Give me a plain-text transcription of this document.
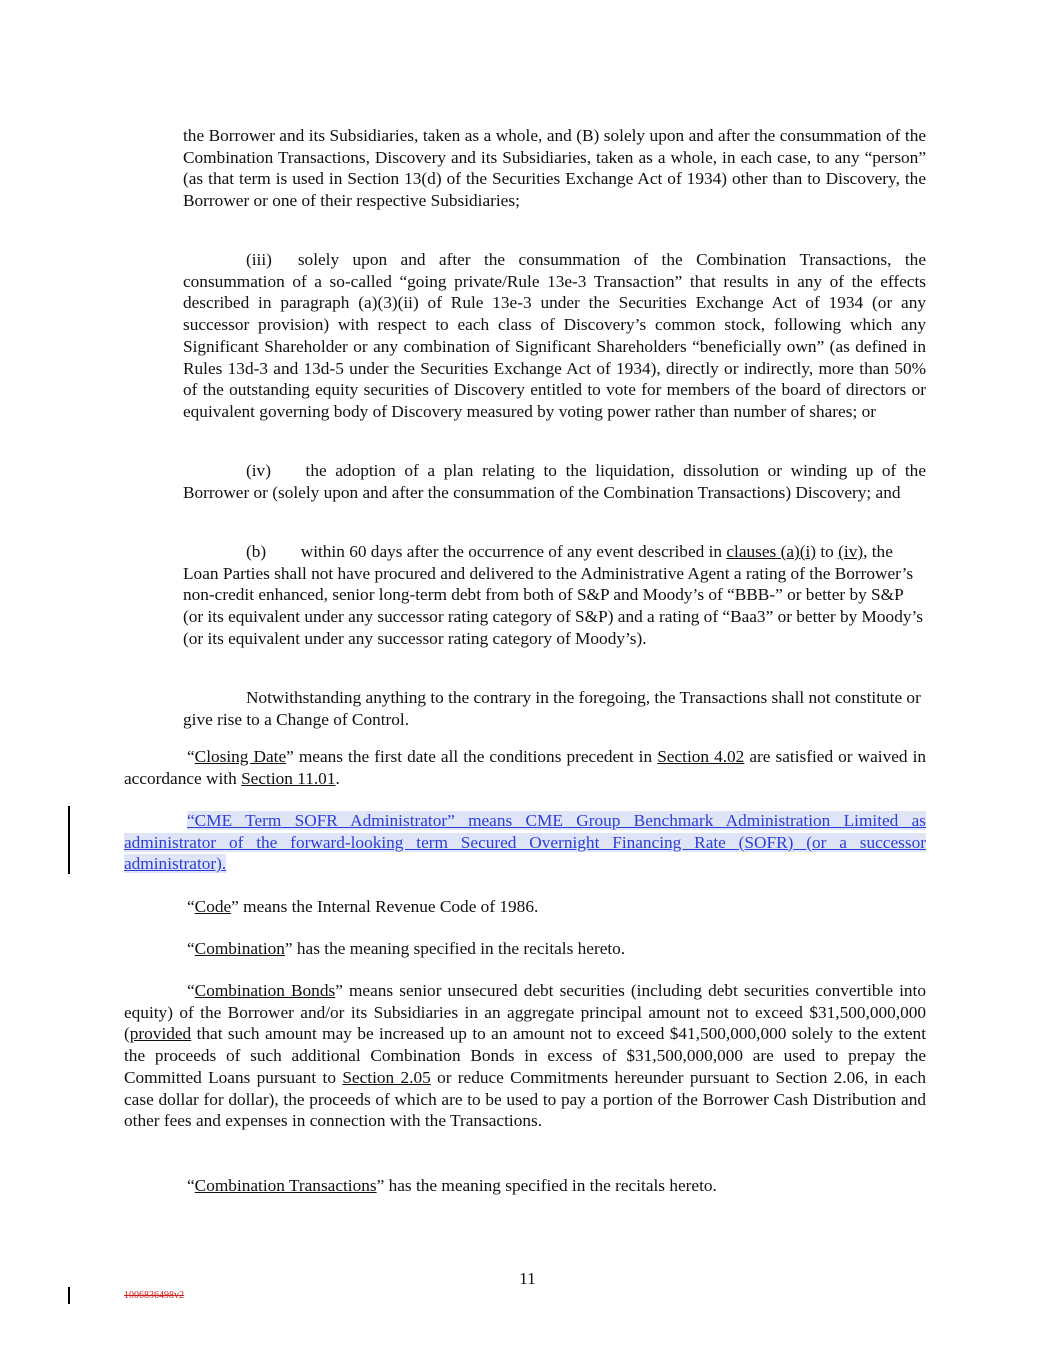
the Borrower and its Subsidiaries, taken as a whole, and (B) solely upon and after the consummation of the Combination Transactions, Discovery and its Subsidiaries, taken as a whole, in each case, to any “person” (as that term is used in Section 13(d) of the Securities Exchange Act of 1934) other than to Discovery, the Borrower or one of their respective Subsidiaries;
(iii)  solely upon and after the consummation of the Combination Transactions, the consummation of a so-called “going private/Rule 13e-3 Transaction” that results in any of the effects described in paragraph (a)(3)(ii) of Rule 13e-3 under the Securities Exchange Act of 1934 (or any successor provision) with respect to each class of Discovery’s common stock, following which any Significant Shareholder or any combination of Significant Shareholders “beneficially own” (as defined in Rules 13d-3 and 13d-5 under the Securities Exchange Act of 1934), directly or indirectly, more than 50% of the outstanding equity securities of Discovery entitled to vote for members of the board of directors or equivalent governing body of Discovery measured by voting power rather than number of shares; or
(iv)  the adoption of a plan relating to the liquidation, dissolution or winding up of the Borrower or (solely upon and after the consummation of the Combination Transactions) Discovery; and
(b)  within 60 days after the occurrence of any event described in clauses (a)(i) to (iv), the Loan Parties shall not have procured and delivered to the Administrative Agent a rating of the Borrower’s non-credit enhanced, senior long-term debt from both of S&P and Moody’s of “BBB-” or better by S&P (or its equivalent under any successor rating category of S&P) and a rating of “Baa3” or better by Moody’s (or its equivalent under any successor rating category of Moody’s).
Notwithstanding anything to the contrary in the foregoing, the Transactions shall not constitute or give rise to a Change of Control.
“Closing Date” means the first date all the conditions precedent in Section 4.02 are satisfied or waived in accordance with Section 11.01.
“CME Term SOFR Administrator” means CME Group Benchmark Administration Limited as administrator of the forward-looking term Secured Overnight Financing Rate (SOFR) (or a successor administrator).
“Code” means the Internal Revenue Code of 1986.
“Combination” has the meaning specified in the recitals hereto.
“Combination Bonds” means senior unsecured debt securities (including debt securities convertible into equity) of the Borrower and/or its Subsidiaries in an aggregate principal amount not to exceed $31,500,000,000 (provided that such amount may be increased up to an amount not to exceed $41,500,000,000 solely to the extent the proceeds of such additional Combination Bonds in excess of $31,500,000,000 are used to prepay the Committed Loans pursuant to Section 2.05 or reduce Commitments hereunder pursuant to Section 2.06, in each case dollar for dollar), the proceeds of which are to be used to pay a portion of the Borrower Cash Distribution and other fees and expenses in connection with the Transactions.
“Combination Transactions” has the meaning specified in the recitals hereto.
11
1006836498v2
